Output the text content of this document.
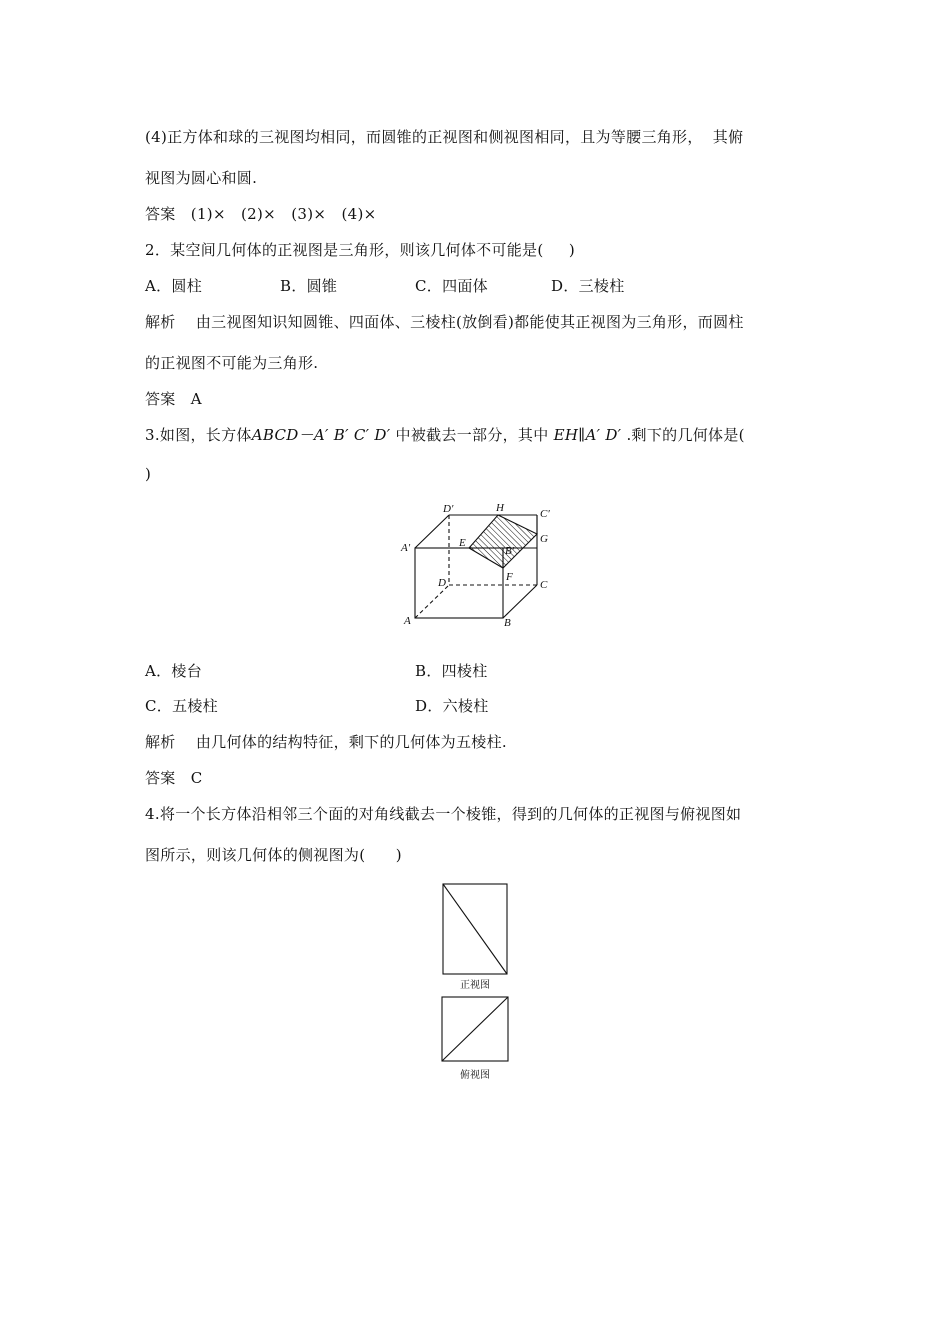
(4)正方体和球的三视图均相同，而圆锥的正视图和侧视图相同，且为等腰三角形，  其俯
视图为圆心和圆.
答案   (1)×   (2)×   (3)×   (4)×
2．某空间几何体的正视图是三角形，则该几何体不可能是(     )
A．圆柱	B．圆锥	C．四面体	D．三棱柱
解析    由三视图知识知圆锥、四面体、三棱柱(放倒看)都能使其正视图为三角形，而圆柱
的正视图不可能为三角形.
答案   A
3.如图，长方体ABCD－A′ B′ C′ D′ 中被截去一部分，其中 EH∥A′ D′ .剩下的几何体是(
)
D′	H	C′
A′	E
B′
G
D	F
C
A	B
A．棱台	B．四棱柱
C．五棱柱	D．六棱柱
解析    由几何体的结构特征，剩下的几何体为五棱柱.
答案   C
4.将一个长方体沿相邻三个面的对角线截去一个棱锥，得到的几何体的正视图与俯视图如
图所示，则该几何体的侧视图为(      )
正视图
俯视图
